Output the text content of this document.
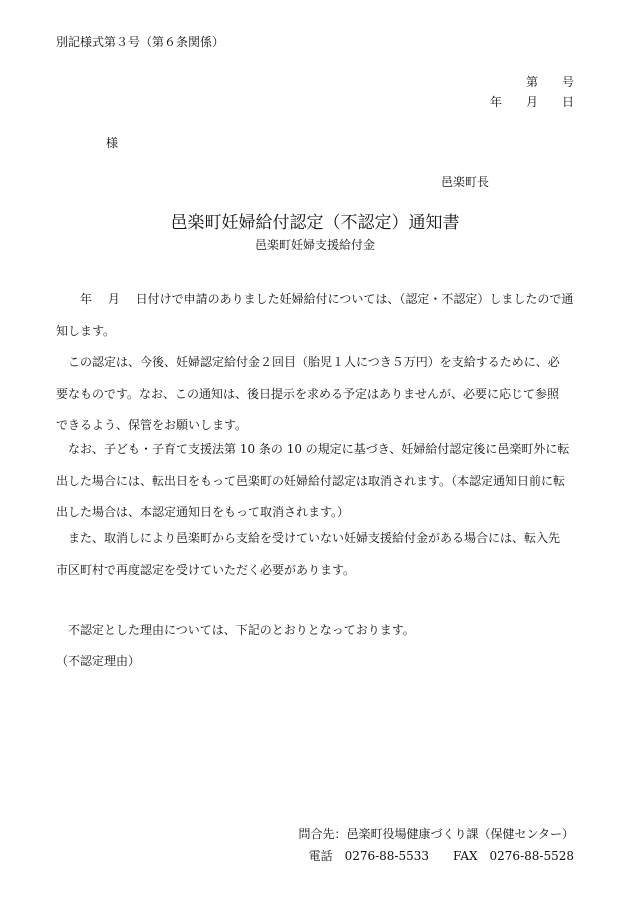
別記様式第３号（第６条関係）
第　　号
年　　月　　日
様
邑楽町長
邑楽町妊婦給付認定（不認定）通知書
邑楽町妊婦支援給付金
　　年　 月　 日付けで申請のありました妊婦給付については、（認定・不認定）しましたので通
知します。
　この認定は、今後、妊婦認定給付金２回目（胎児１人につき５万円）を支給するために、必
要なものです。なお、この通知は、後日提示を求める予定はありませんが、必要に応じて参照
できるよう、保管をお願いします。
　なお、子ども・子育て支援法第 10 条の 10 の規定に基づき、妊婦給付認定後に邑楽町外に転
出した場合には、転出日をもって邑楽町の妊婦給付認定は取消されます。（本認定通知日前に転
出した場合は、本認定通知日をもって取消されます。）
　また、取消しにより邑楽町から支給を受けていない妊婦支援給付金がある場合には、転入先
市区町村で再度認定を受けていただく必要があります。
　不認定とした理由については、下記のとおりとなっております。
（不認定理由）
問合先：邑楽町役場健康づくり課（保健センター）
電話　0276-88-5533　　FAX　0276-88-5528
